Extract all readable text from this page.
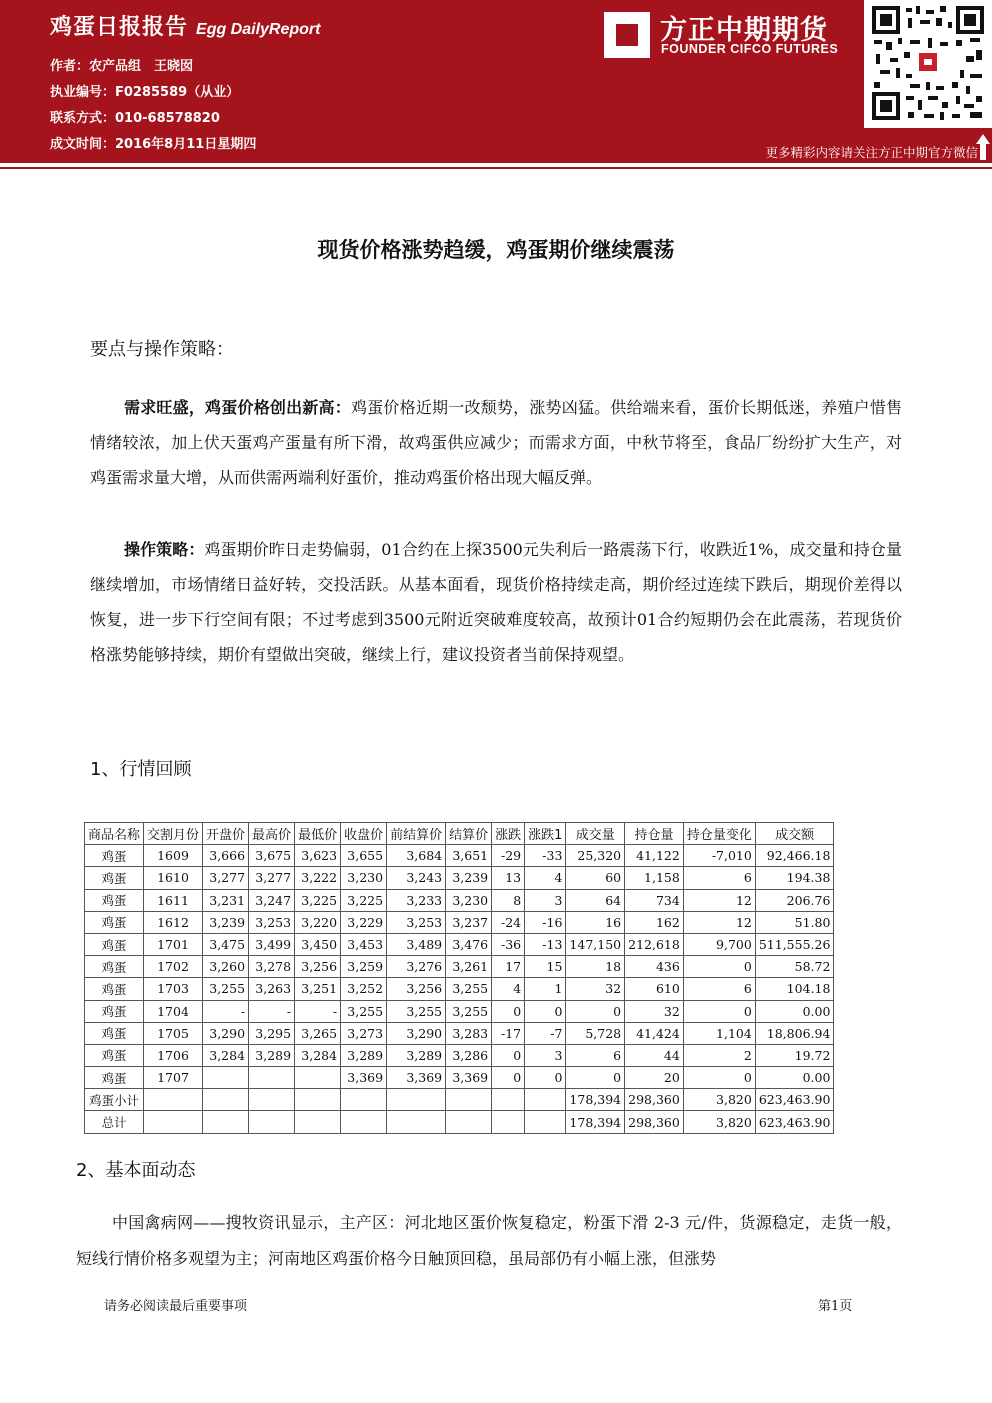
鸡蛋日报报告 Egg DailyReport
作者：农产品组　王晓囡
执业编号：F0285589（从业）
联系方式：010-68578820
成文时间：2016年8月11日星期四
方正中期期货
FOUNDER CIFCO FUTURES
更多精彩内容请关注方正中期官方微信
现货价格涨势趋缓，鸡蛋期价继续震荡
要点与操作策略：
需求旺盛，鸡蛋价格创出新高：鸡蛋价格近期一改颓势，涨势凶猛。供给端来看，蛋价长期低迷，养殖户惜售情绪较浓，加上伏天蛋鸡产蛋量有所下滑，故鸡蛋供应减少；而需求方面，中秋节将至，食品厂纷纷扩大生产，对鸡蛋需求量大增，从而供需两端利好蛋价，推动鸡蛋价格出现大幅反弹。
操作策略：鸡蛋期价昨日走势偏弱，01合约在上探3500元失利后一路震荡下行，收跌近1%，成交量和持仓量继续增加，市场情绪日益好转，交投活跃。从基本面看，现货价格持续走高，期价经过连续下跌后，期现价差得以恢复，进一步下行空间有限；不过考虑到3500元附近突破难度较高，故预计01合约短期仍会在此震荡，若现货价格涨势能够持续，期价有望做出突破，继续上行，建议投资者当前保持观望。
1、行情回顾
商品名称	交割月份	开盘价	最高价	最低价	收盘价	前结算价	结算价	涨跌	涨跌1	成交量	持仓量	持仓量变化	成交额
鸡蛋	1609	3,666	3,675	3,623	3,655	3,684	3,651	-29	-33	25,320	41,122	-7,010	92,466.18
鸡蛋	1610	3,277	3,277	3,222	3,230	3,243	3,239	13	4	60	1,158	6	194.38
鸡蛋	1611	3,231	3,247	3,225	3,225	3,233	3,230	8	3	64	734	12	206.76
鸡蛋	1612	3,239	3,253	3,220	3,229	3,253	3,237	-24	-16	16	162	12	51.80
鸡蛋	1701	3,475	3,499	3,450	3,453	3,489	3,476	-36	-13	147,150	212,618	9,700	511,555.26
鸡蛋	1702	3,260	3,278	3,256	3,259	3,276	3,261	17	15	18	436	0	58.72
鸡蛋	1703	3,255	3,263	3,251	3,252	3,256	3,255	4	1	32	610	6	104.18
鸡蛋	1704	-	-	-	3,255	3,255	3,255	0	0	0	32	0	0.00
鸡蛋	1705	3,290	3,295	3,265	3,273	3,290	3,283	-17	-7	5,728	41,424	1,104	18,806.94
鸡蛋	1706	3,284	3,289	3,284	3,289	3,289	3,286	0	3	6	44	2	19.72
鸡蛋	1707				3,369	3,369	3,369	0	0	0	20	0	0.00
鸡蛋小计										178,394	298,360	3,820	623,463.90
总计										178,394	298,360	3,820	623,463.90
2、基本面动态
中国禽病网——搜牧资讯显示，主产区：河北地区蛋价恢复稳定，粉蛋下滑 2-3 元/件，货源稳定，走货一般，短线行情价格多观望为主；河南地区鸡蛋价格今日触顶回稳，虽局部仍有小幅上涨，但涨势
请务必阅读最后重要事项	第1页
